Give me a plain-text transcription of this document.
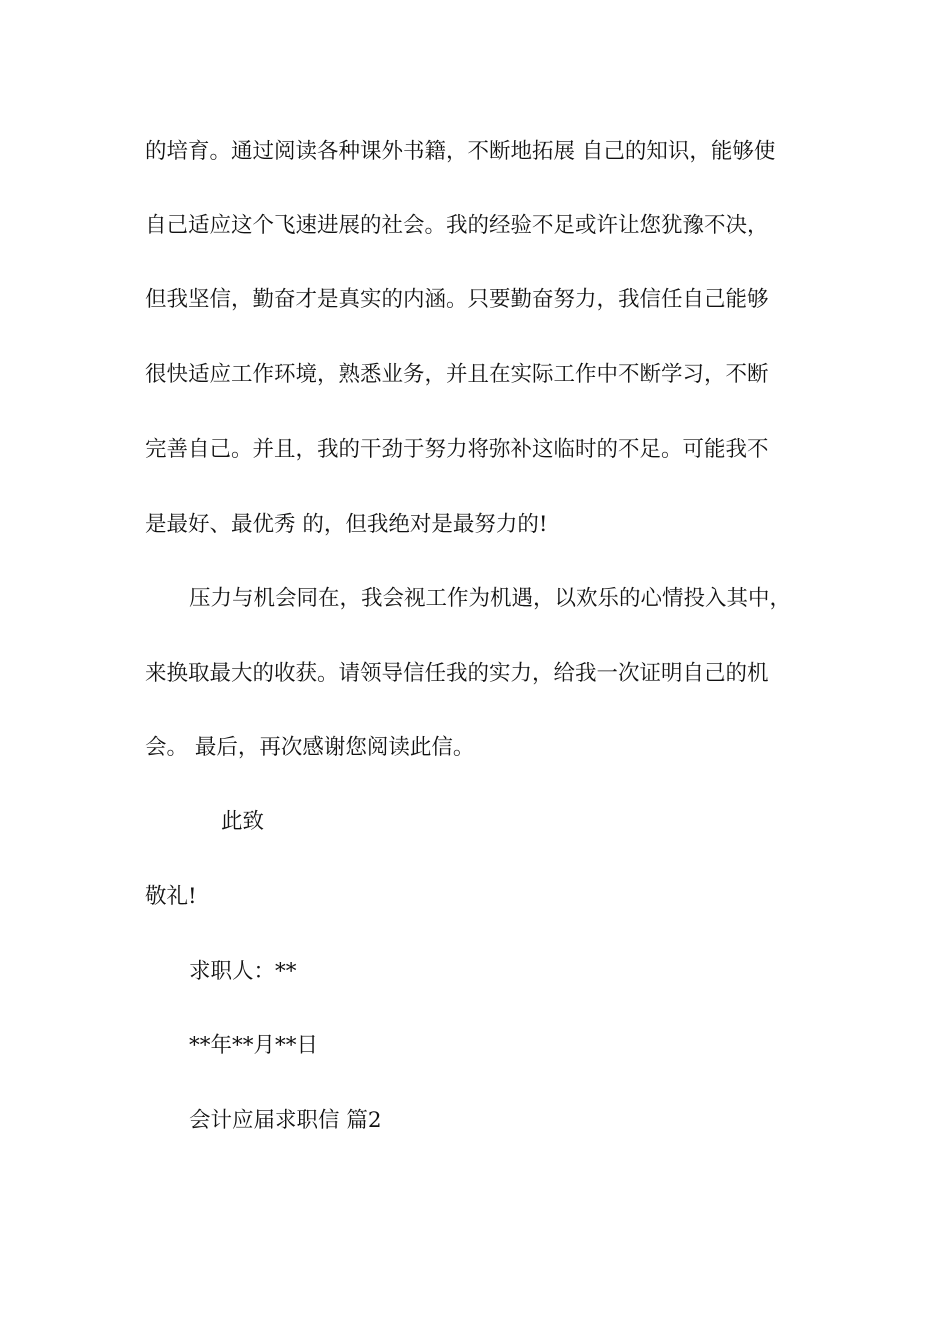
的培育。通过阅读各种课外书籍，不断地拓展 自己的知识，能够使
自己适应这个飞速进展的社会。我的经验不足或许让您犹豫不决，
但我坚信，勤奋才是真实的内涵。只要勤奋努力，我信任自己能够
很快适应工作环境，熟悉业务，并且在实际工作中不断学习，不断
完善自己。并且，我的干劲于努力将弥补这临时的不足。可能我不
是最好、最优秀 的，但我绝对是最努力的!
压力与机会同在，我会视工作为机遇，以欢乐的心情投入其中，
来换取最大的收获。请领导信任我的实力，给我一次证明自己的机
会。 最后，再次感谢您阅读此信。
此致
敬礼!
求职人：**
**年**月**日
会计应届求职信 篇2
